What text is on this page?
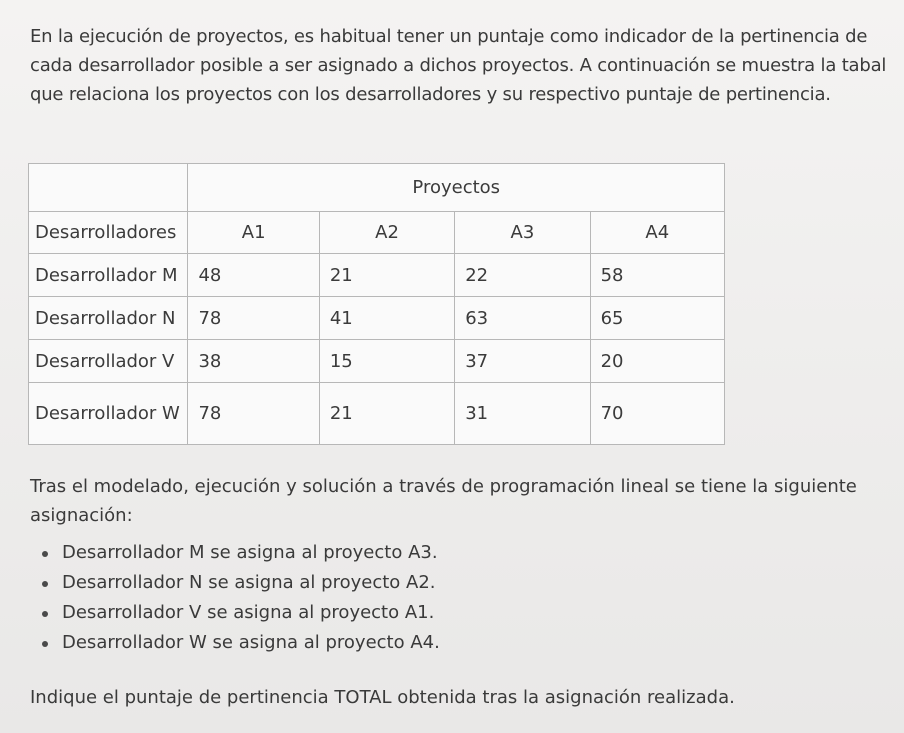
En la ejecución de proyectos, es habitual tener un puntaje como indicador de la pertinencia de cada desarrollador posible a ser asignado a dichos proyectos. A continuación se muestra la tabal que relaciona los proyectos con los desarrolladores y su respectivo puntaje de pertinencia.

	Proyectos			
Desarrolladores	A1	A2	A3	A4
Desarrollador M	48	21	22	58
Desarrollador N	78	41	63	65
Desarrollador V	38	15	37	20
Desarrollador W	78	21	31	70

Tras el modelado, ejecución y solución a través de programación lineal se tiene la siguiente asignación:

Desarrollador M se asigna al proyecto A3.
Desarrollador N se asigna al proyecto A2.
Desarrollador V se asigna al proyecto A1.
Desarrollador W se asigna al proyecto A4.

Indique el puntaje de pertinencia TOTAL obtenida tras la asignación realizada.
